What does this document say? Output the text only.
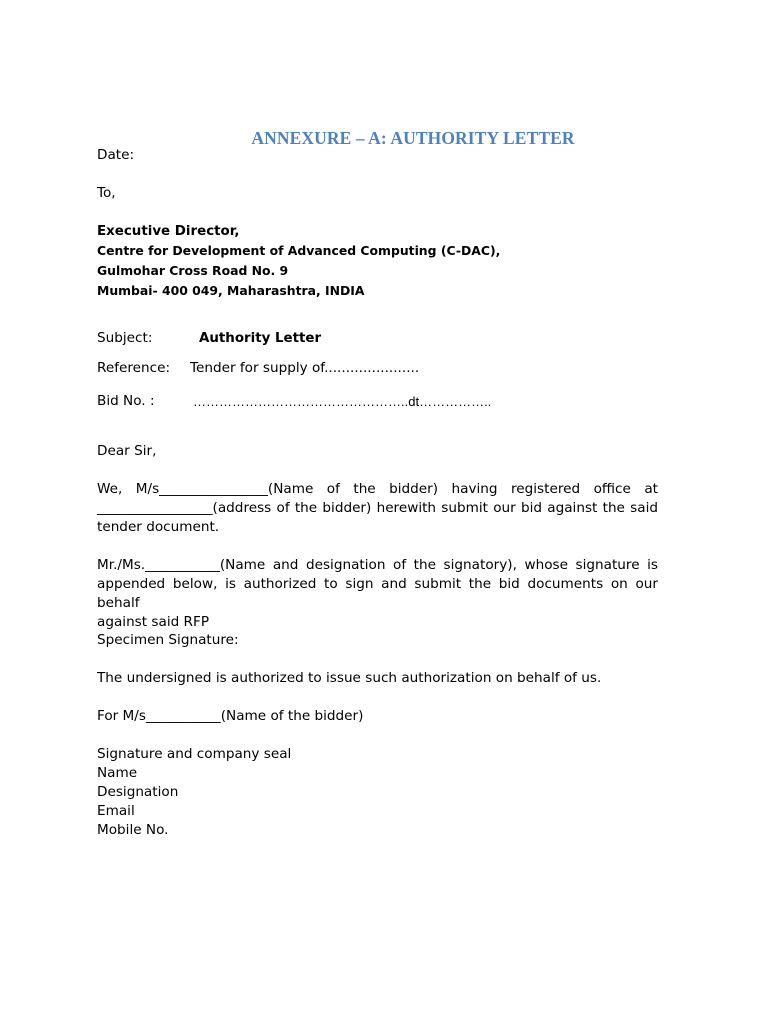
ANNEXURE – A: AUTHORITY LETTER
Date:
To,
Executive Director,
Centre for Development of Advanced Computing (C-DAC),
Gulmohar Cross Road No. 9
Mumbai- 400 049, Maharashtra, INDIA
Subject:	Authority Letter
Reference: Tender for supply of......................
Bid No. :	…………………………………………..dt……………..
Dear Sir,
We, M/s________________(Name of the bidder) having registered office at
_________________(address of the bidder) herewith submit our bid against the said
tender document.
Mr./Ms.___________(Name and designation of the signatory), whose signature is
appended below, is authorized to sign and submit the bid documents on our behalf
against said RFP
Specimen Signature:
The undersigned is authorized to issue such authorization on behalf of us.
For M/s___________(Name of the bidder)
Signature and company seal
Name
Designation
Email
Mobile No.
